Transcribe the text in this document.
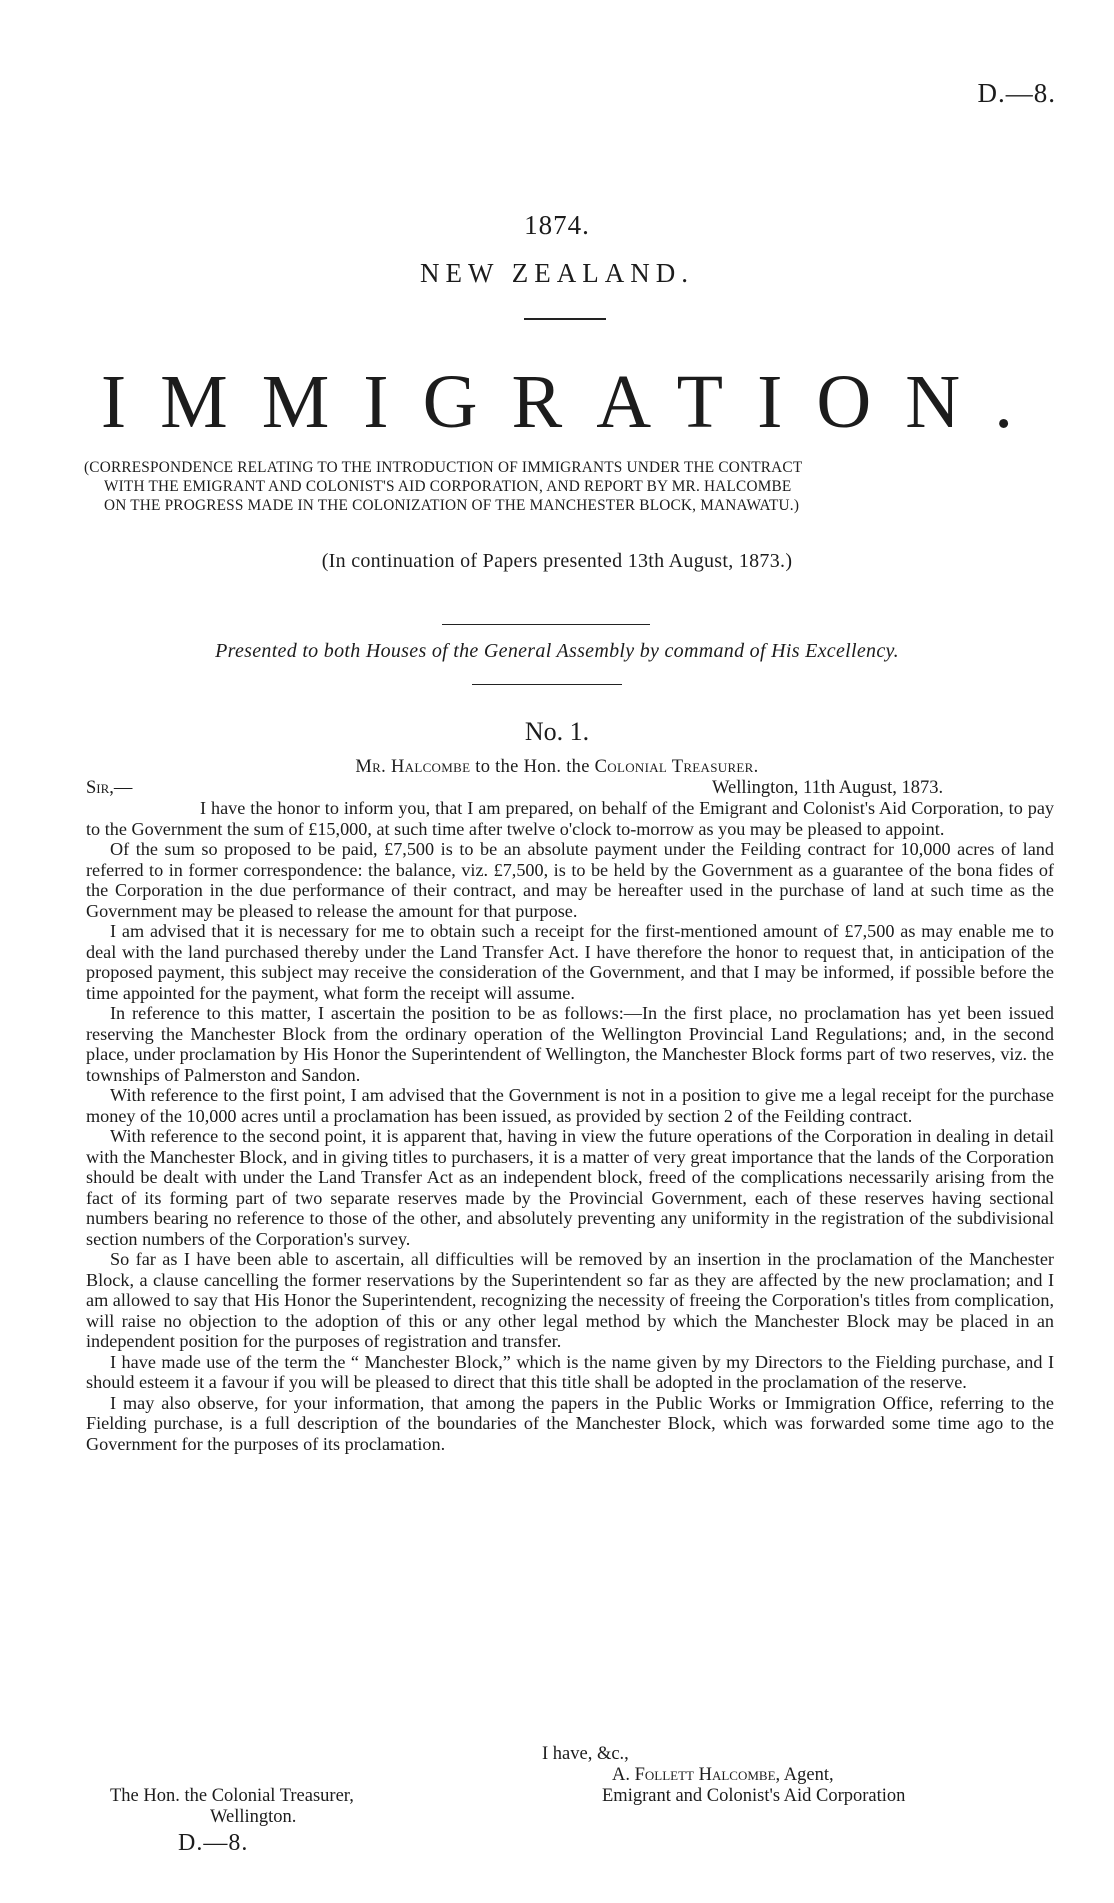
D.—8.
1874.
NEW ZEALAND.
IMMIGRATION.
(CORRESPONDENCE RELATING TO THE INTRODUCTION OF IMMIGRANTS UNDER THE CONTRACT

WITH THE EMIGRANT AND COLONIST'S AID CORPORATION, AND REPORT BY MR. HALCOMBE
ON THE PROGRESS MADE IN THE COLONIZATION OF THE MANCHESTER BLOCK, MANAWATU.)
(In continuation of Papers presented 13th August, 1873.)
Presented to both Houses of the General Assembly by command of His Excellency.
No. 1.
Mr. Halcombe to the Hon. the Colonial Treasurer.
Sir,—	Wellington, 11th August, 1873.

I have the honor to inform you, that I am prepared, on behalf of the Emigrant and Colonist's Aid Corporation, to pay to the Government the sum of £15,000, at such time after twelve o'clock to-morrow as you may be pleased to appoint.

Of the sum so proposed to be paid, £7,500 is to be an absolute payment under the Feilding contract for 10,000 acres of land referred to in former correspondence: the balance, viz. £7,500, is to be held by the Government as a guarantee of the bona fides of the Corporation in the due performance of their contract, and may be hereafter used in the purchase of land at such time as the Government may be pleased to release the amount for that purpose.

I am advised that it is necessary for me to obtain such a receipt for the first-mentioned amount of £7,500 as may enable me to deal with the land purchased thereby under the Land Transfer Act. I have therefore the honor to request that, in anticipation of the proposed payment, this subject may receive the consideration of the Government, and that I may be informed, if possible before the time appointed for the payment, what form the receipt will assume.

In reference to this matter, I ascertain the position to be as follows:—In the first place, no proclamation has yet been issued reserving the Manchester Block from the ordinary operation of the Wellington Provincial Land Regulations; and, in the second place, under proclamation by His Honor the Superintendent of Wellington, the Manchester Block forms part of two reserves, viz. the townships of Palmerston and Sandon.

With reference to the first point, I am advised that the Government is not in a position to give me a legal receipt for the purchase money of the 10,000 acres until a proclamation has been issued, as provided by section 2 of the Feilding contract.

With reference to the second point, it is apparent that, having in view the future operations of the Corporation in dealing in detail with the Manchester Block, and in giving titles to purchasers, it is a matter of very great importance that the lands of the Corporation should be dealt with under the Land Transfer Act as an independent block, freed of the complications necessarily arising from the fact of its forming part of two separate reserves made by the Provincial Government, each of these reserves having sectional numbers bearing no reference to those of the other, and absolutely preventing any uniformity in the registration of the subdivisional section numbers of the Corporation's survey.

So far as I have been able to ascertain, all difficulties will be removed by an insertion in the proclamation of the Manchester Block, a clause cancelling the former reservations by the Superintendent so far as they are affected by the new proclamation; and I am allowed to say that His Honor the Superintendent, recognizing the necessity of freeing the Corporation's titles from complication, will raise no objection to the adoption of this or any other legal method by which the Manchester Block may be placed in an independent position for the purposes of registration and transfer.

I have made use of the term the “ Manchester Block,” which is the name given by my Directors to the Fielding purchase, and I should esteem it a favour if you will be pleased to direct that this title shall be adopted in the proclamation of the reserve.

I may also observe, for your information, that among the papers in the Public Works or Immigration Office, referring to the Fielding purchase, is a full description of the boundaries of the Manchester Block, which was forwarded some time ago to the Government for the purposes of its proclamation.

I have, &c.,
A. Follett Halcombe, Agent,
Emigrant and Colonist's Aid Corporation
The Hon. the Colonial Treasurer,
Wellington.
D.—8.
